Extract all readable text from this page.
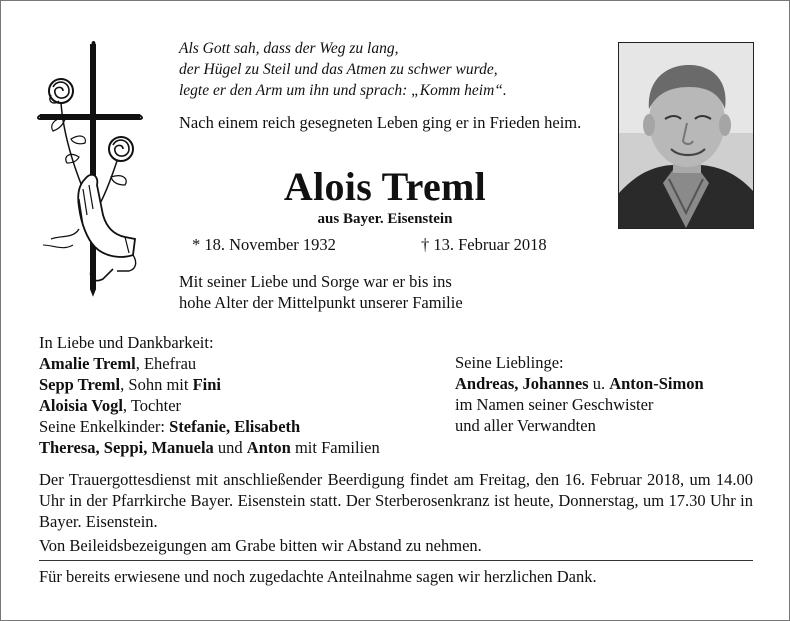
Als Gott sah, dass der Weg zu lang,
der Hügel zu Steil und das Atmen zu schwer wurde,
legte er den Arm um ihn und sprach: „Komm heim“.
Nach einem reich gesegneten Leben ging er in Frieden heim.
Alois Treml
aus Bayer. Eisenstein
* 18. November 1932	† 13. Februar 2018
Mit seiner Liebe und Sorge war er bis ins
hohe Alter der Mittelpunkt unserer Familie
In Liebe und Dankbarkeit:
Amalie Treml, Ehefrau
Sepp Treml, Sohn mit Fini
Aloisia Vogl, Tochter
Seine Enkelkinder: Stefanie, Elisabeth
Theresa, Seppi, Manuela und Anton mit Familien
Seine Lieblinge:
Andreas, Johannes u. Anton-Simon
im Namen seiner Geschwister
und aller Verwandten
Der Trauergottesdienst mit anschließender Beerdigung findet am Freitag, den 16. Februar 2018, um 14.00 Uhr in der Pfarrkirche Bayer. Eisenstein statt. Der Sterberosenkranz ist heute, Donnerstag, um 17.30 Uhr in Bayer. Eisenstein.
Von Beileidsbezeigungen am Grabe bitten wir Abstand zu nehmen.
Für bereits erwiesene und noch zugedachte Anteilnahme sagen wir herzlichen Dank.
